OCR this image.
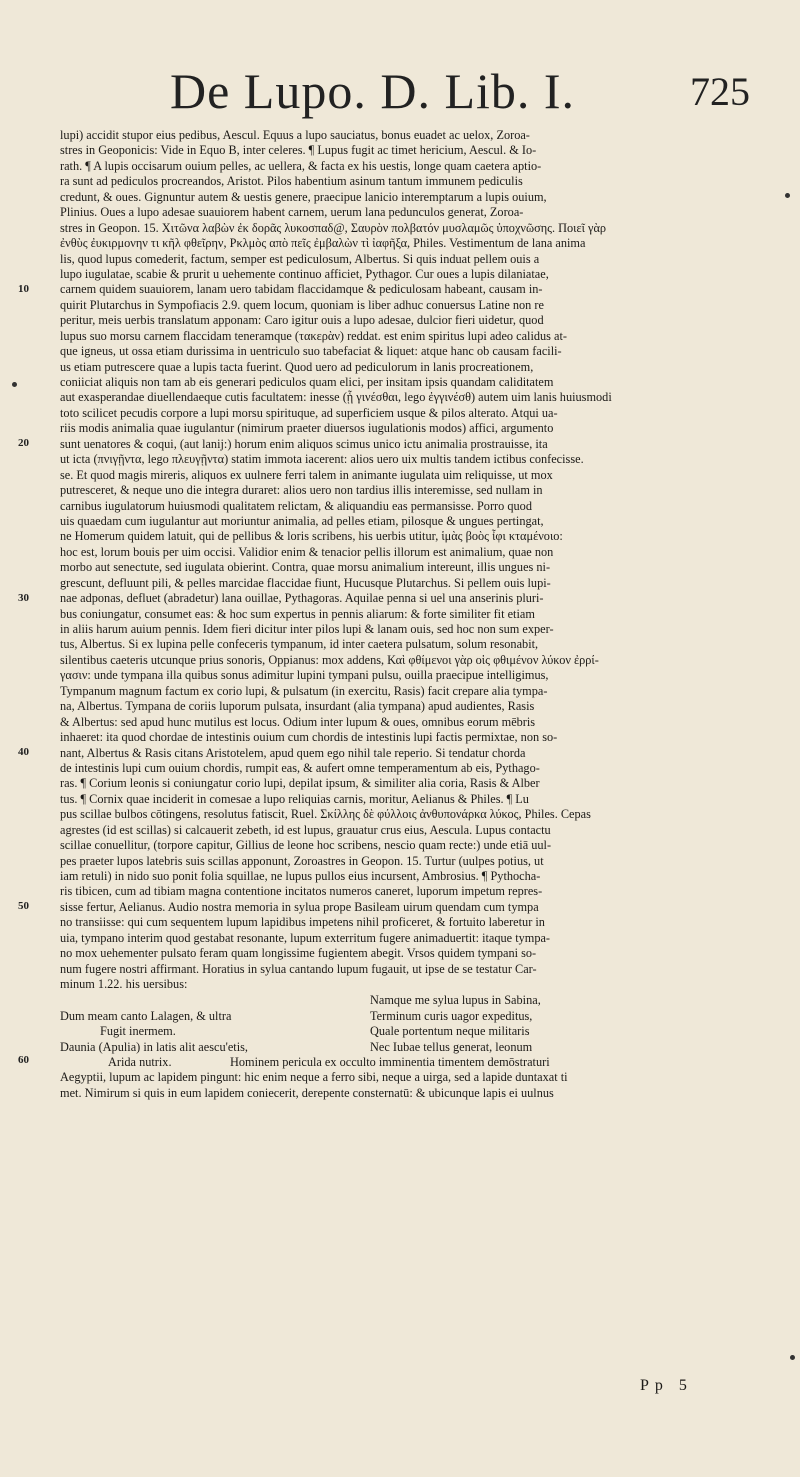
De Lupo. D. Lib. I.	725
lupi) accidit stupor eius pedibus, Aescul. Equus a lupo sauciatus, bonus euadet ac uelox, Zoroa-
stres in Geoponicis: Vide in Equo B, inter celeres. ¶ Lupus fugit ac timet hericium, Aescul. & Io-
rath. ¶ A lupis occisarum ouium pelles, ac uellera, & facta ex his uestis, longe quam caetera aptio-
ra sunt ad pediculos procreandos, Aristot. Pilos habentium asinum tantum immunem pediculis
credunt, & oues. Gignuntur autem & uestis genere, praecipue lanicio interemptarum a lupis ouium,
Plinius. Oues a lupo adesae suauiorem habent carnem, uerum lana pedunculos generat, Zoroa-
stres in Geopon. 15. Χιτῶνα λαβὼν ἐκ δορᾶς λυκοσπαδ@, Σαυρὸν πολβατόν μυσλαμῶς ὑποχνῶσης. Ποιεῖ γὰρ
ἐνθὺς ἐυκιρμονην τι κῆλ φθεῖρην, Ρκλμὸς απὸ πεῖς ἐμβαλὼν τὶ ἰαφῆξα, Philes. Vestimentum de lana anima
lis, quod lupus comederit, factum, semper est pediculosum, Albertus. Si quis induat pellem ouis a
lupo iugulatae, scabie & prurit u uehemente continuo afficiet, Pythagor. Cur oues a lupis dilaniatae,
carnem quidem suauiorem, lanam uero tabidam flaccidamque & pediculosam habeant, causam in-
quirit Plutarchus in Sympofiacis 2.9. quem locum, quoniam is liber adhuc conuersus Latine non re
peritur, meis uerbis translatum apponam: Caro igitur ouis a lupo adesae, dulcior fieri uidetur, quod
lupus suo morsu carnem flaccidam teneramque (τακερὰν) reddat. est enim spiritus lupi adeo calidus at-
que igneus, ut ossa etiam durissima in uentriculo suo tabefaciat & liquet: atque hanc ob causam facili-
us etiam putrescere quae a lupis tacta fuerint. Quod uero ad pediculorum in lanis procreationem,
coniiciat aliquis non tam ab eis generari pediculos quam elici, per insitam ipsis quandam caliditatem
aut exasperandae diuellendaeque cutis facultatem: inesse (ᾗ γινέσθαι, lego ἐγγινέσθ) autem uim lanis huiusmodi
toto scilicet pecudis corpore a lupi morsu spirituque, ad superficiem usque & pilos alterato. Atqui ua-
riis modis animalia quae iugulantur (nimirum praeter diuersos iugulationis modos) affici, argumento
sunt uenatores & coqui, (aut lanij:) horum enim aliquos scimus unico ictu animalia prostrauisse, ita
ut icta (πνιγῇντα, lego πλευγῇντα) statim immota iacerent: alios uero uix multis tandem ictibus confecisse.
se. Et quod magis mireris, aliquos ex uulnere ferri talem in animante iugulata uim reliquisse, ut mox
putresceret, & neque uno die integra duraret: alios uero non tardius illis interemisse, sed nullam in
carnibus iugulatorum huiusmodi qualitatem relictam, & aliquandiu eas permansisse. Porro quod
uis quaedam cum iugulantur aut moriuntur animalia, ad pelles etiam, pilosque & ungues pertingat,
ne Homerum quidem latuit, qui de pellibus & loris scribens, his uerbis utitur, ἱμὰς βοὸς ἶφι κταμένοιο:
hoc est, lorum bouis per uim occisi. Validior enim & tenacior pellis illorum est animalium, quae non
morbo aut senectute, sed iugulata obierint. Contra, quae morsu animalium intereunt, illis ungues ni-
grescunt, defluunt pili, & pelles marcidae flaccidae fiunt, Hucusque Plutarchus. Si pellem ouis lupi-
nae adponas, defluet (abradetur) lana ouillae, Pythagoras. Aquilae penna si uel una anserinis pluri-
bus coniungatur, consumet eas: & hoc sum expertus in pennis aliarum: & forte similiter fit etiam
in aliis harum auium pennis. Idem fieri dicitur inter pilos lupi & lanam ouis, sed hoc non sum exper-
tus, Albertus. Si ex lupina pelle confeceris tympanum, id inter caetera pulsatum, solum resonabit,
silentibus caeteris utcunque prius sonoris, Oppianus: mox addens, Καὶ φθίμενοι γὰρ οἱς φθιμένον λύκον ἐρρί-
γασιν: unde tympana illa quibus sonus adimitur lupini tympani pulsu, ouilla praecipue intelligimus,
Tympanum magnum factum ex corio lupi, & pulsatum (in exercitu, Rasis) facit crepare alia tympa-
na, Albertus. Tympana de coriis luporum pulsata, insurdant (alia tympana) apud audientes, Rasis
& Albertus: sed apud hunc mutilus est locus. Odium inter lupum & oues, omnibus eorum mēbris
inhaeret: ita quod chordae de intestinis ouium cum chordis de intestinis lupi factis permixtae, non so-
nant, Albertus & Rasis citans Aristotelem, apud quem ego nihil tale reperio. Si tendatur chorda
de intestinis lupi cum ouium chordis, rumpit eas, & aufert omne temperamentum ab eis, Pythago-
ras. ¶ Corium leonis si coniungatur corio lupi, depilat ipsum, & similiter alia coria, Rasis & Alber
tus. ¶ Cornix quae inciderit in comesae a lupo reliquias carnis, moritur, Aelianus & Philes. ¶ Lu
pus scillae bulbos cōtingens, resolutus fatiscit, Ruel. Σκίλλης δὲ φύλλοις ἀνθυπονάρκα λύκος, Philes. Cepas
agrestes (id est scillas) si calcauerit zebeth, id est lupus, grauatur crus eius, Aescula. Lupus contactu
scillae conuellitur, (torpore capitur, Gillius de leone hoc scribens, nescio quam recte:) unde etiā uul-
pes praeter lupos latebris suis scillas apponunt, Zoroastres in Geopon. 15. Turtur (uulpes potius, ut
iam retuli) in nido suo ponit folia squillae, ne lupus pullos eius incursent, Ambrosius. ¶ Pythocha-
ris tibicen, cum ad tibiam magna contentione incitatos numeros caneret, luporum impetum repres-
sisse fertur, Aelianus. Audio nostra memoria in syluа prope Basileam uirum quendam cum tympa
no transiisse: qui cum sequentem lupum lapidibus impetens nihil proficeret, & fortuito laberetur in
uia, tympano interim quod gestabat resonante, lupum exterritum fugere animaduertit: itaque tympa-
no mox uehementer pulsato feram quam longissime fugientem abegit. Vrsos quidem tympani so-
num fugere nostri affirmant. Horatius in sylua cantando lupum fugauit, ut ipse de se testatur Car-
minum 1.22. his uersibus:
Namque me sylua lupus in Sabina,
Dum meam canto Lalagen, & ultra	Terminum curis uagor expeditus,
Fugit inermem.	Quale portentum neque militaris
Daunia (Apulia) in latis alit aescu'etis,	Nec Iubae tellus generat, leonum
Arida nutrix.	Hominem pericula ex occulto imminentia timentem demōstraturi
Aegyptii, lupum ac lapidem pingunt: hic enim neque a ferro sibi, neque a uirga, sed a lapide duntaxat ti
met. Nimirum si quis in eum lapidem coniecerit, derepente consternatū: & ubicunque lapis ei uulnus
10
20
30
40
50
60
Pp 5
